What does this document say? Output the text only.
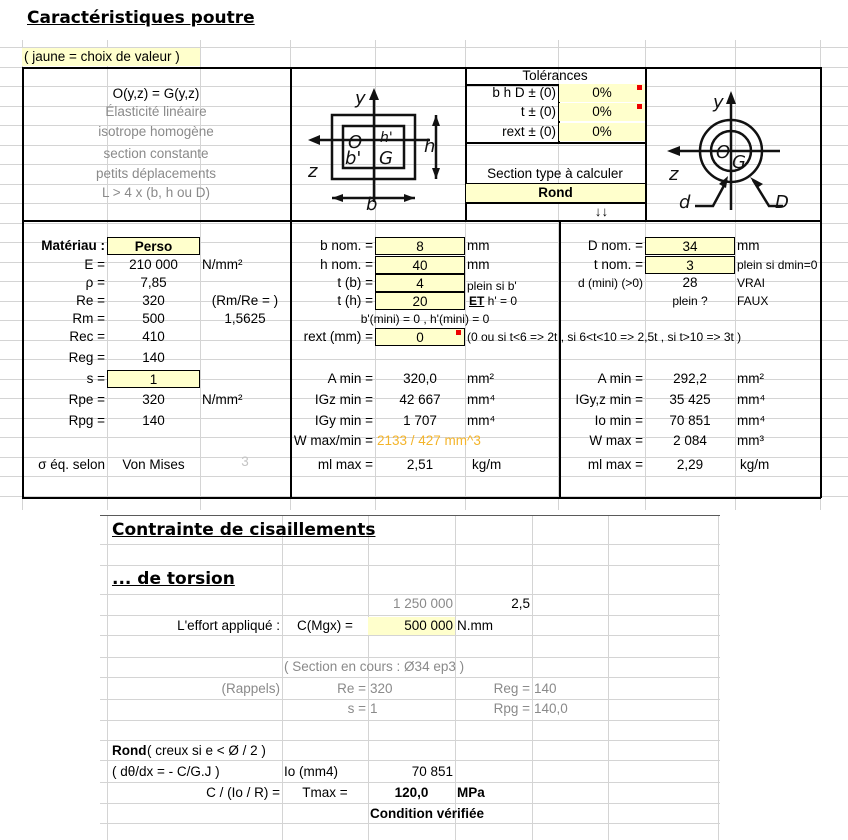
y
z
O
G
b'
h' h
b
y
z
O G
d	D
Caractéristiques poutre
( jaune = choix de valeur )
O(y,z) = G(y,z)
Élasticité linéaire
isotrope homogène
section constante
petits déplacements
L > 4 x (b, h ou D)
Tolérances
b h D ± (0)	0%
t ± (0)	0%
rext ± (0)	0%
Section type à calculer
Rond
↓↓
Matériau :	Perso
E =	210 000	N/mm²
ρ =	7,85
Re =	320	(Rm/Re = )
Rm =	500	1,5625
Rec =	410
Reg =	140
s =	1
Rpe =	320	N/mm²
Rpg =	140
σ éq. selon	Von Mises	3
b nom. =	8	mm
h nom. =	40	mm
t (b) =	4	plein si b'
t (h) =	20
b'(mini) = 0 , h'(mini) = 0
rext (mm) =	0	(0 ou si t<6 => 2t , si 6<t<10 => 2,5t , si t>10 => 3t )
A min =	320,0	mm²
IGz min =	42 667	mm⁴
IGy min =	1 707	mm⁴
W max/min = 2133 / 427 mm^3
ml max =	2,51	kg/m
D nom. =	34	mm
t nom. =	3	plein si dmin=0
d (mini) (>0)	28	VRAI
plein ?	FAUX
A min =	292,2	mm²
IGy,z min =	35 425	mm⁴
Io min =	70 851	mm⁴
W max =	2 084	mm³
ml max =	2,29	kg/m
Contrainte de cisaillements
... de torsion
1 250 000	2,5
L'effort appliqué :	C(Mgx) =	500 000 N.mm
( Section en cours : Ø34 ep3 )
(Rappels)	Re = 320	Reg = 140
s = 1	Rpg = 140,0
Rond ( creux si e < Ø / 2 )
( dθ/dx = - C/G.J )	Io (mm4)	70 851
C / (Io / R) =	Tmax =	120,0	MPa
Condition vérifiée
ET h' = 0
